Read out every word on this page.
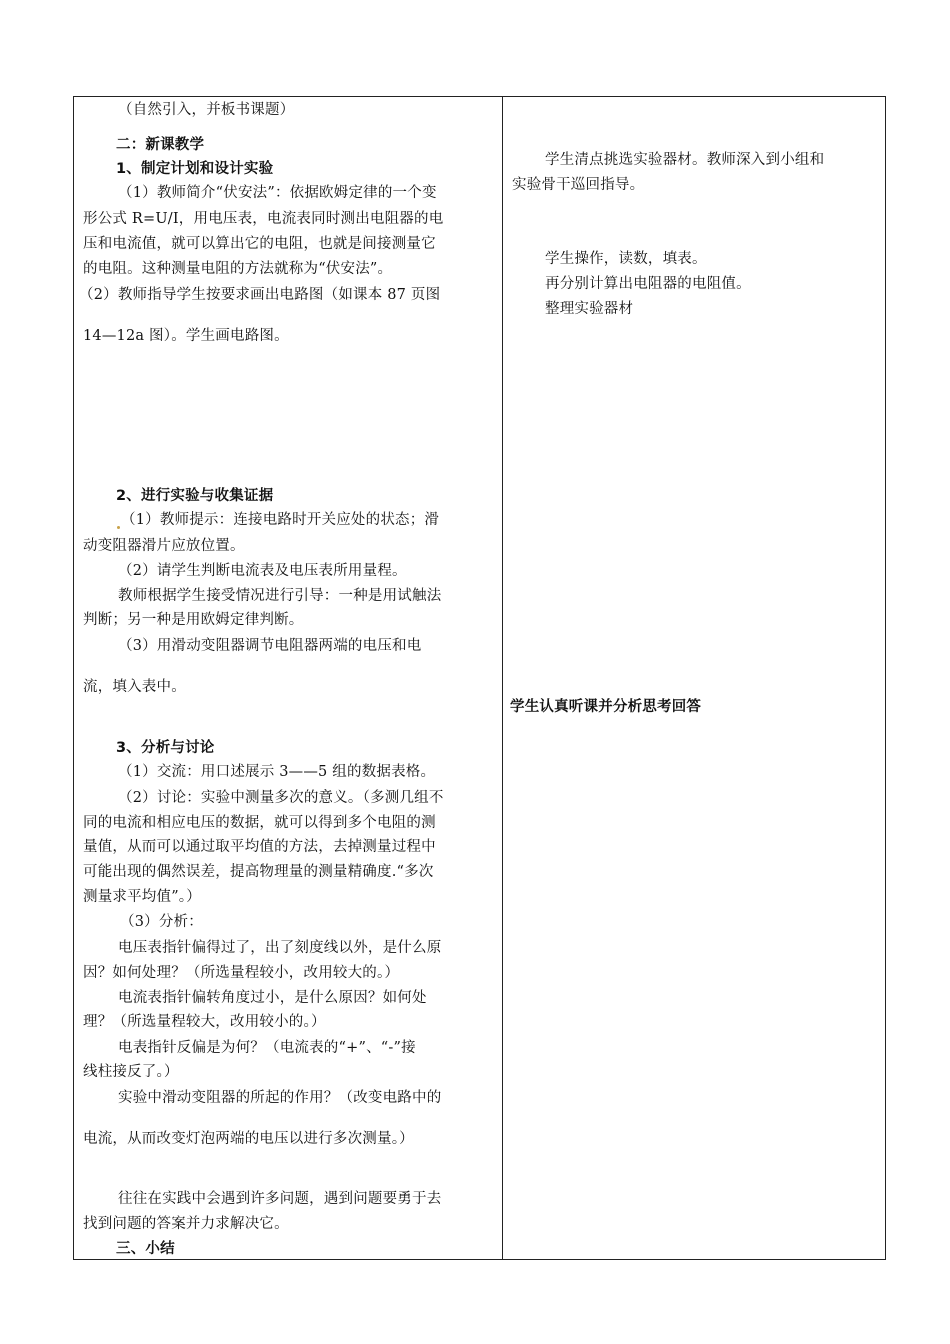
（自然引入，并板书课题）
二：新课教学
1、制定计划和设计实验
（1）教师简介“伏安法”：依据欧姆定律的一个变
形公式 R=U/I，用电压表，电流表同时测出电阻器的电
压和电流值，就可以算出它的电阻，也就是间接测量它
的电阻。这种测量电阻的方法就称为“伏安法”。
（2）教师指导学生按要求画出电路图（如课本 87 页图
14—12a 图）。学生画电路图。
2、进行实验与收集证据
（1）教师提示：连接电路时开关应处的状态；滑
动变阻器滑片应放位置。
（2）请学生判断电流表及电压表所用量程。
教师根据学生接受情况进行引导：一种是用试触法
判断；另一种是用欧姆定律判断。
（3）用滑动变阻器调节电阻器两端的电压和电
流，填入表中。
3、分析与讨论
（1）交流：用口述展示 3——5 组的数据表格。
（2）讨论：实验中测量多次的意义。（多测几组不
同的电流和相应电压的数据，就可以得到多个电阻的测
量值，从而可以通过取平均值的方法，去掉测量过程中
可能出现的偶然误差，提高物理量的测量精确度.“多次
测量求平均值”。）
（3）分析：
电压表指针偏得过了，出了刻度线以外，是什么原
因？如何处理？（所选量程较小，改用较大的。）
电流表指针偏转角度过小，是什么原因？如何处
理？（所选量程较大，改用较小的。）
电表指针反偏是为何？（电流表的“+”、“-”接
线柱接反了。）
实验中滑动变阻器的所起的作用？（改变电路中的
电流，从而改变灯泡两端的电压以进行多次测量。）
往往在实践中会遇到许多问题，遇到问题要勇于去
找到问题的答案并力求解决它。
三、小结
学生清点挑选实验器材。教师深入到小组和
实验骨干巡回指导。
学生操作，读数，填表。
再分别计算出电阻器的电阻值。
整理实验器材
学生认真听课并分析思考回答
